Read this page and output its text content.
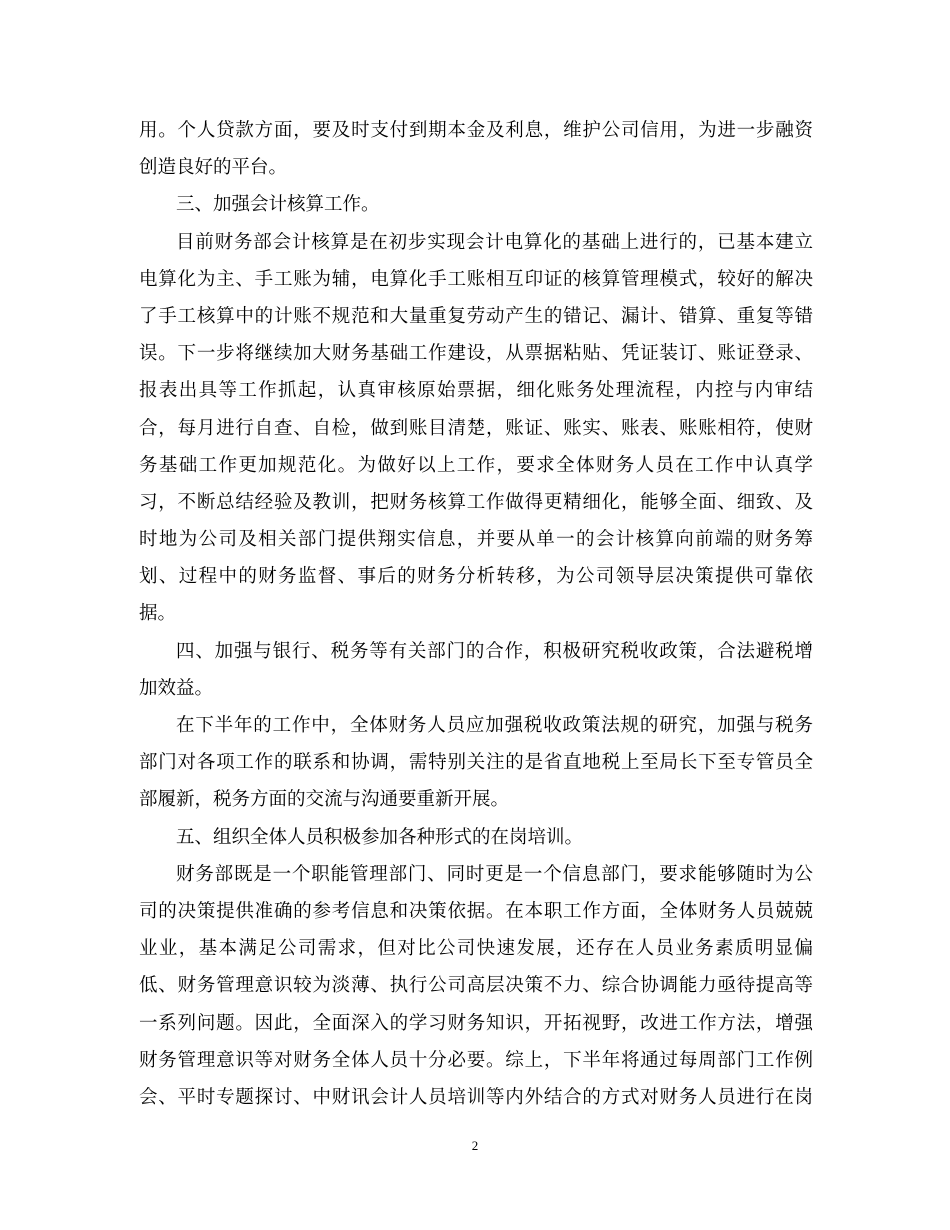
用。个人贷款方面，要及时支付到期本金及利息，维护公司信用，为进一步融资
创造良好的平台。
三、加强会计核算工作。
目前财务部会计核算是在初步实现会计电算化的基础上进行的，已基本建立
电算化为主、手工账为辅，电算化手工账相互印证的核算管理模式，较好的解决
了手工核算中的计账不规范和大量重复劳动产生的错记、漏计、错算、重复等错
误。下一步将继续加大财务基础工作建设，从票据粘贴、凭证装订、账证登录、
报表出具等工作抓起，认真审核原始票据，细化账务处理流程，内控与内审结
合，每月进行自查、自检，做到账目清楚，账证、账实、账表、账账相符，使财
务基础工作更加规范化。为做好以上工作，要求全体财务人员在工作中认真学
习，不断总结经验及教训，把财务核算工作做得更精细化，能够全面、细致、及
时地为公司及相关部门提供翔实信息，并要从单一的会计核算向前端的财务筹
划、过程中的财务监督、事后的财务分析转移，为公司领导层决策提供可靠依
据。
四、加强与银行、税务等有关部门的合作，积极研究税收政策，合法避税增
加效益。
在下半年的工作中，全体财务人员应加强税收政策法规的研究，加强与税务
部门对各项工作的联系和协调，需特别关注的是省直地税上至局长下至专管员全
部履新，税务方面的交流与沟通要重新开展。
五、组织全体人员积极参加各种形式的在岗培训。
财务部既是一个职能管理部门、同时更是一个信息部门，要求能够随时为公
司的决策提供准确的参考信息和决策依据。在本职工作方面，全体财务人员兢兢
业业，基本满足公司需求，但对比公司快速发展，还存在人员业务素质明显偏
低、财务管理意识较为淡薄、执行公司高层决策不力、综合协调能力亟待提高等
一系列问题。因此，全面深入的学习财务知识，开拓视野，改进工作方法，增强
财务管理意识等对财务全体人员十分必要。综上，下半年将通过每周部门工作例
会、平时专题探讨、中财讯会计人员培训等内外结合的方式对财务人员进行在岗
2
